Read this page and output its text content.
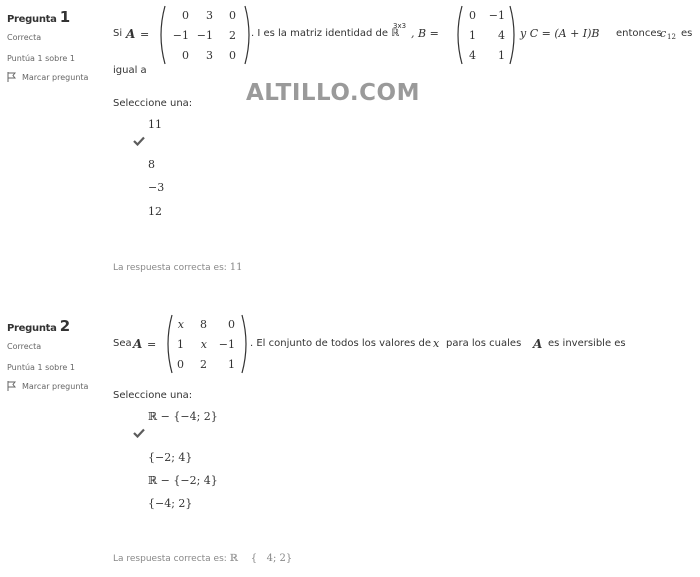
ALTILLO.COM
Pregunta 1
Correcta
Puntúa 1 sobre 1
Marcar pregunta
Si A =
0	3	0
−1 −1	2
0	3	0
. I es la matriz identidad de ℝ
3x3
, B =
0	−1
1	4
4	1
y C = (A + I)B entonces
c 12 es
igual a
Seleccione una:
11
8
−3
12
La respuesta correcta es: 11
Pregunta 2
Correcta
Puntúa 1 sobre 1
Marcar pregunta
Sea A =
x	8	0
1	x	−1
0	2	1
. El conjunto de todos los valores de x para los cuales A es inversible es
Seleccione una:
ℝ − {−4; 2}
{−2; 4}
ℝ − {−2; 4}
{−4; 2}
La respuesta correcta es: ℝ    {   4; 2}
